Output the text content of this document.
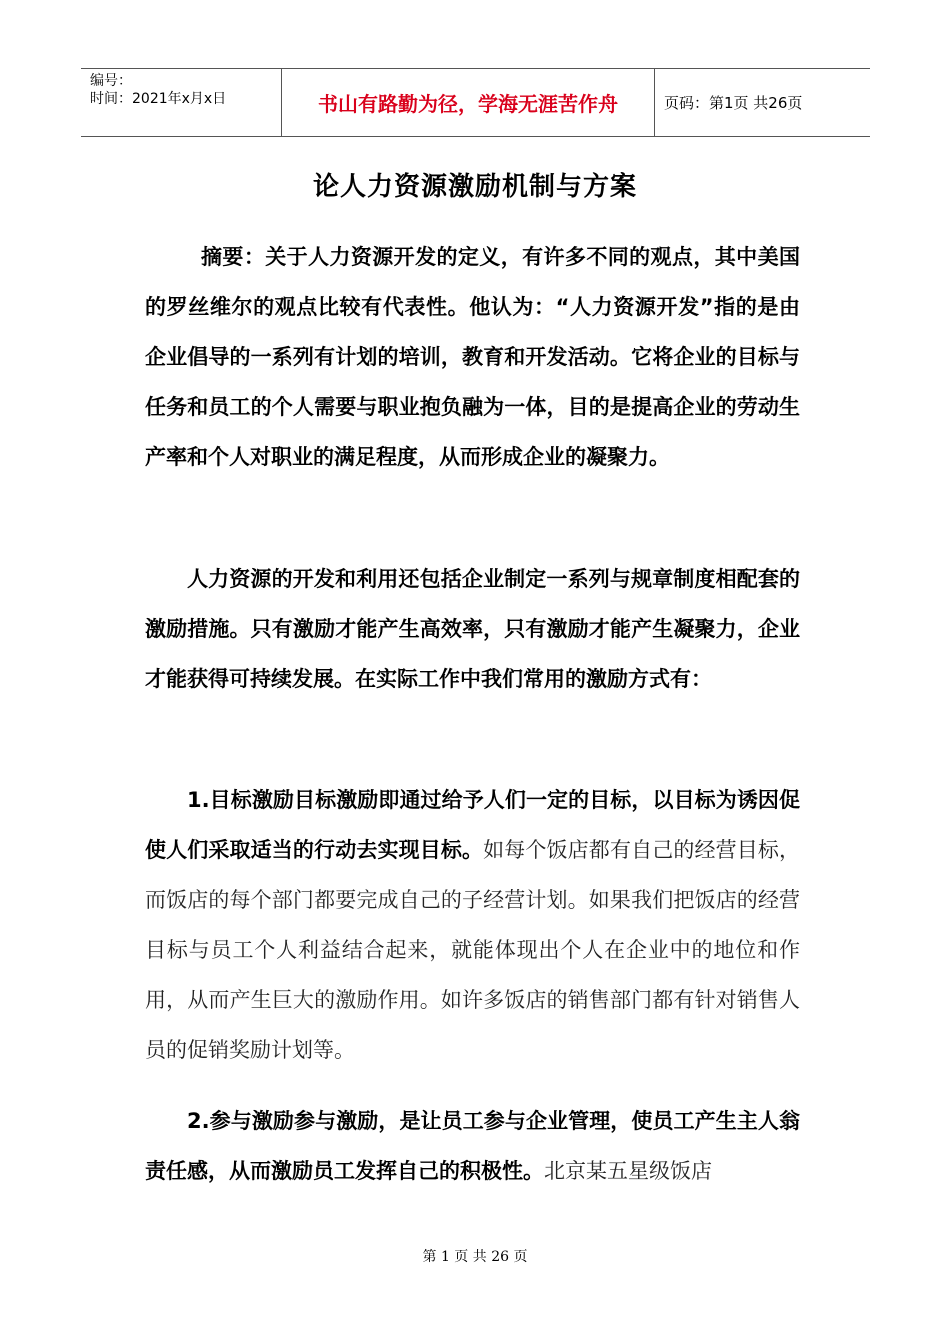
编号：
时间：2021年x月x日	书山有路勤为径，学海无涯苦作舟	页码：第1页 共26页
论人力资源激励机制与方案

摘要：关于人力资源开发的定义，有许多不同的观点，其中美国的罗丝维尔的观点比较有代表性。他认为：“人力资源开发”指的是由企业倡导的一系列有计划的培训，教育和开发活动。它将企业的目标与任务和员工的个人需要与职业抱负融为一体，目的是提高企业的劳动生产率和个人对职业的满足程度，从而形成企业的凝聚力。

人力资源的开发和利用还包括企业制定一系列与规章制度相配套的激励措施。只有激励才能产生高效率，只有激励才能产生凝聚力，企业才能获得可持续发展。在实际工作中我们常用的激励方式有：

1.目标激励目标激励即通过给予人们一定的目标，以目标为诱因促使人们采取适当的行动去实现目标。如每个饭店都有自己的经营目标，而饭店的每个部门都要完成自己的子经营计划。如果我们把饭店的经营目标与员工个人利益结合起来，就能体现出个人在企业中的地位和作用，从而产生巨大的激励作用。如许多饭店的销售部门都有针对销售人员的促销奖励计划等。

2.参与激励参与激励，是让员工参与企业管理，使员工产生主人翁责任感，从而激励员工发挥自己的积极性。北京某五星级饭店

第 1 页 共 26 页
